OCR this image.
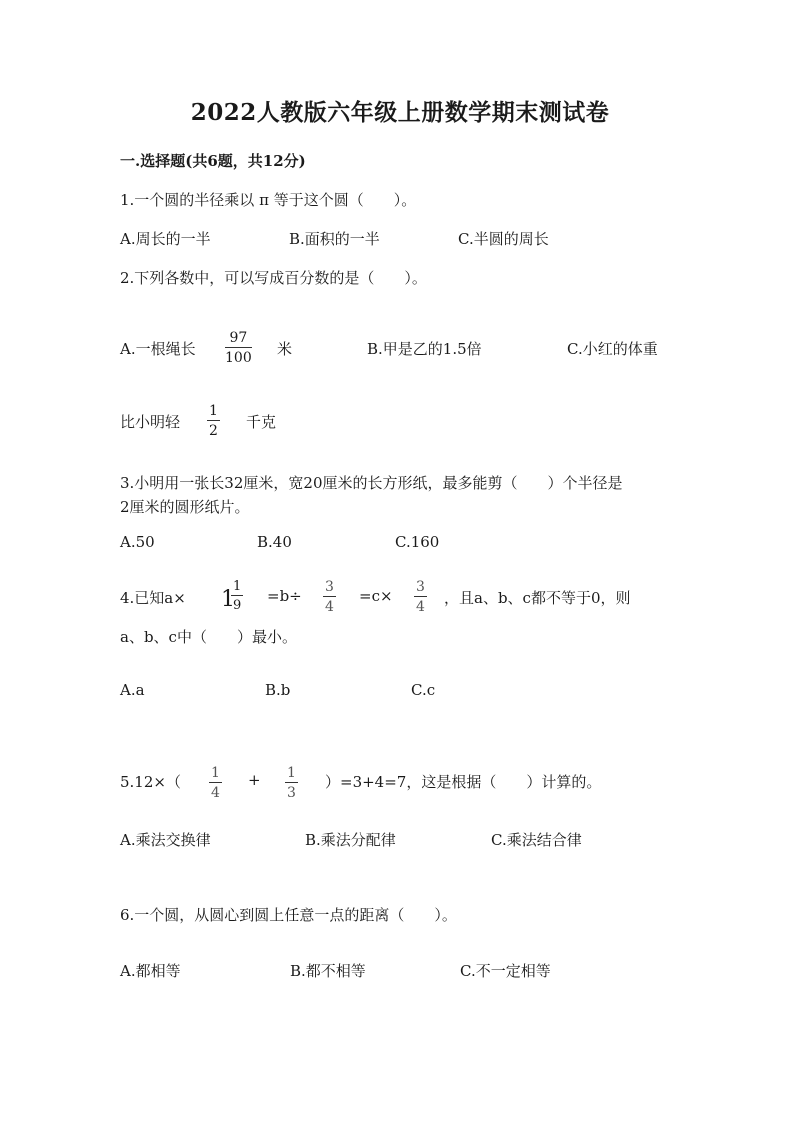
2022人教版六年级上册数学期末测试卷
一.选择题(共6题，共12分)
1.一个圆的半径乘以 π 等于这个圆（　　）。
A.周长的一半	B.面积的一半	C.半圆的周长
2.下列各数中，可以写成百分数的是（　　）。
A.一根绳长
97
100 米	B.甲是乙的1.5倍	C.小红的体重
比小明轻
1
2 千克
3.小明用一张长32厘米，宽20厘米的长方形纸，最多能剪（　　）个半径是
2厘米的圆形纸片。
A.50	B.40	C.160
4.已知a× 1
1
9
=b÷ 3
4
=c× 3
4 ，且a、b、c都不等于0，则
a、b、c中（　　）最小。
A.a	B.b	C.c
5.12×（ 1
4
+ 1
3
）=3+4=7，这是根据（　　）计算的。
A.乘法交换律	B.乘法分配律	C.乘法结合律
6.一个圆，从圆心到圆上任意一点的距离（　　）。
A.都相等	B.都不相等	C.不一定相等
